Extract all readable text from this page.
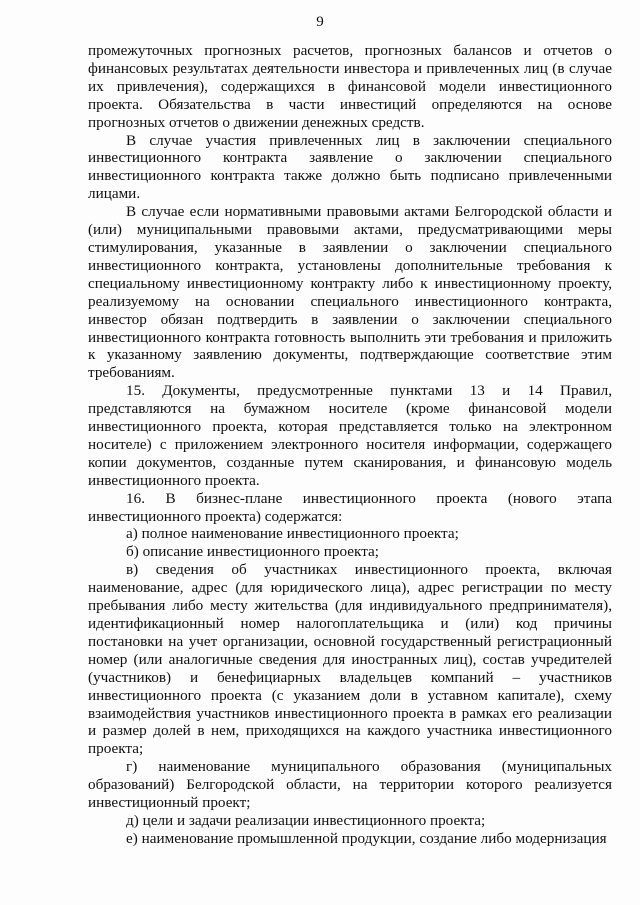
9

промежуточных прогнозных расчетов, прогнозных балансов и отчетов о финансовых результатах деятельности инвестора и привлеченных лиц (в случае их привлечения), содержащихся в финансовой модели инвестиционного проекта. Обязательства в части инвестиций определяются на основе прогнозных отчетов о движении денежных средств.

В случае участия привлеченных лиц в заключении специального инвестиционного контракта заявление о заключении специального инвестиционного контракта также должно быть подписано привлеченными лицами.

В случае если нормативными правовыми актами Белгородской области и (или) муниципальными правовыми актами, предусматривающими меры стимулирования, указанные в заявлении о заключении специального инвестиционного контракта, установлены дополнительные требования к специальному инвестиционному контракту либо к инвестиционному проекту, реализуемому на основании специального инвестиционного контракта, инвестор обязан подтвердить в заявлении о заключении специального инвестиционного контракта готовность выполнить эти требования и приложить к указанному заявлению документы, подтверждающие соответствие этим требованиям.

15. Документы, предусмотренные пунктами 13 и 14 Правил, представляются на бумажном носителе (кроме финансовой модели инвестиционного проекта, которая представляется только на электронном носителе) с приложением электронного носителя информации, содержащего копии документов, созданные путем сканирования, и финансовую модель инвестиционного проекта.

16. В бизнес-плане инвестиционного проекта (нового этапа инвестиционного проекта) содержатся:

а) полное наименование инвестиционного проекта;

б) описание инвестиционного проекта;

в) сведения об участниках инвестиционного проекта, включая наименование, адрес (для юридического лица), адрес регистрации по месту пребывания либо месту жительства (для индивидуального предпринимателя), идентификационный номер налогоплательщика и (или) код причины постановки на учет организации, основной государственный регистрационный номер (или аналогичные сведения для иностранных лиц), состав учредителей (участников) и бенефициарных владельцев компаний – участников инвестиционного проекта (с указанием доли в уставном капитале), схему взаимодействия участников инвестиционного проекта в рамках его реализации и размер долей в нем, приходящихся на каждого участника инвестиционного проекта;

г) наименование муниципального образования (муниципальных образований) Белгородской области, на территории которого реализуется инвестиционный проект;

д) цели и задачи реализации инвестиционного проекта;

е) наименование промышленной продукции, создание либо модернизация
